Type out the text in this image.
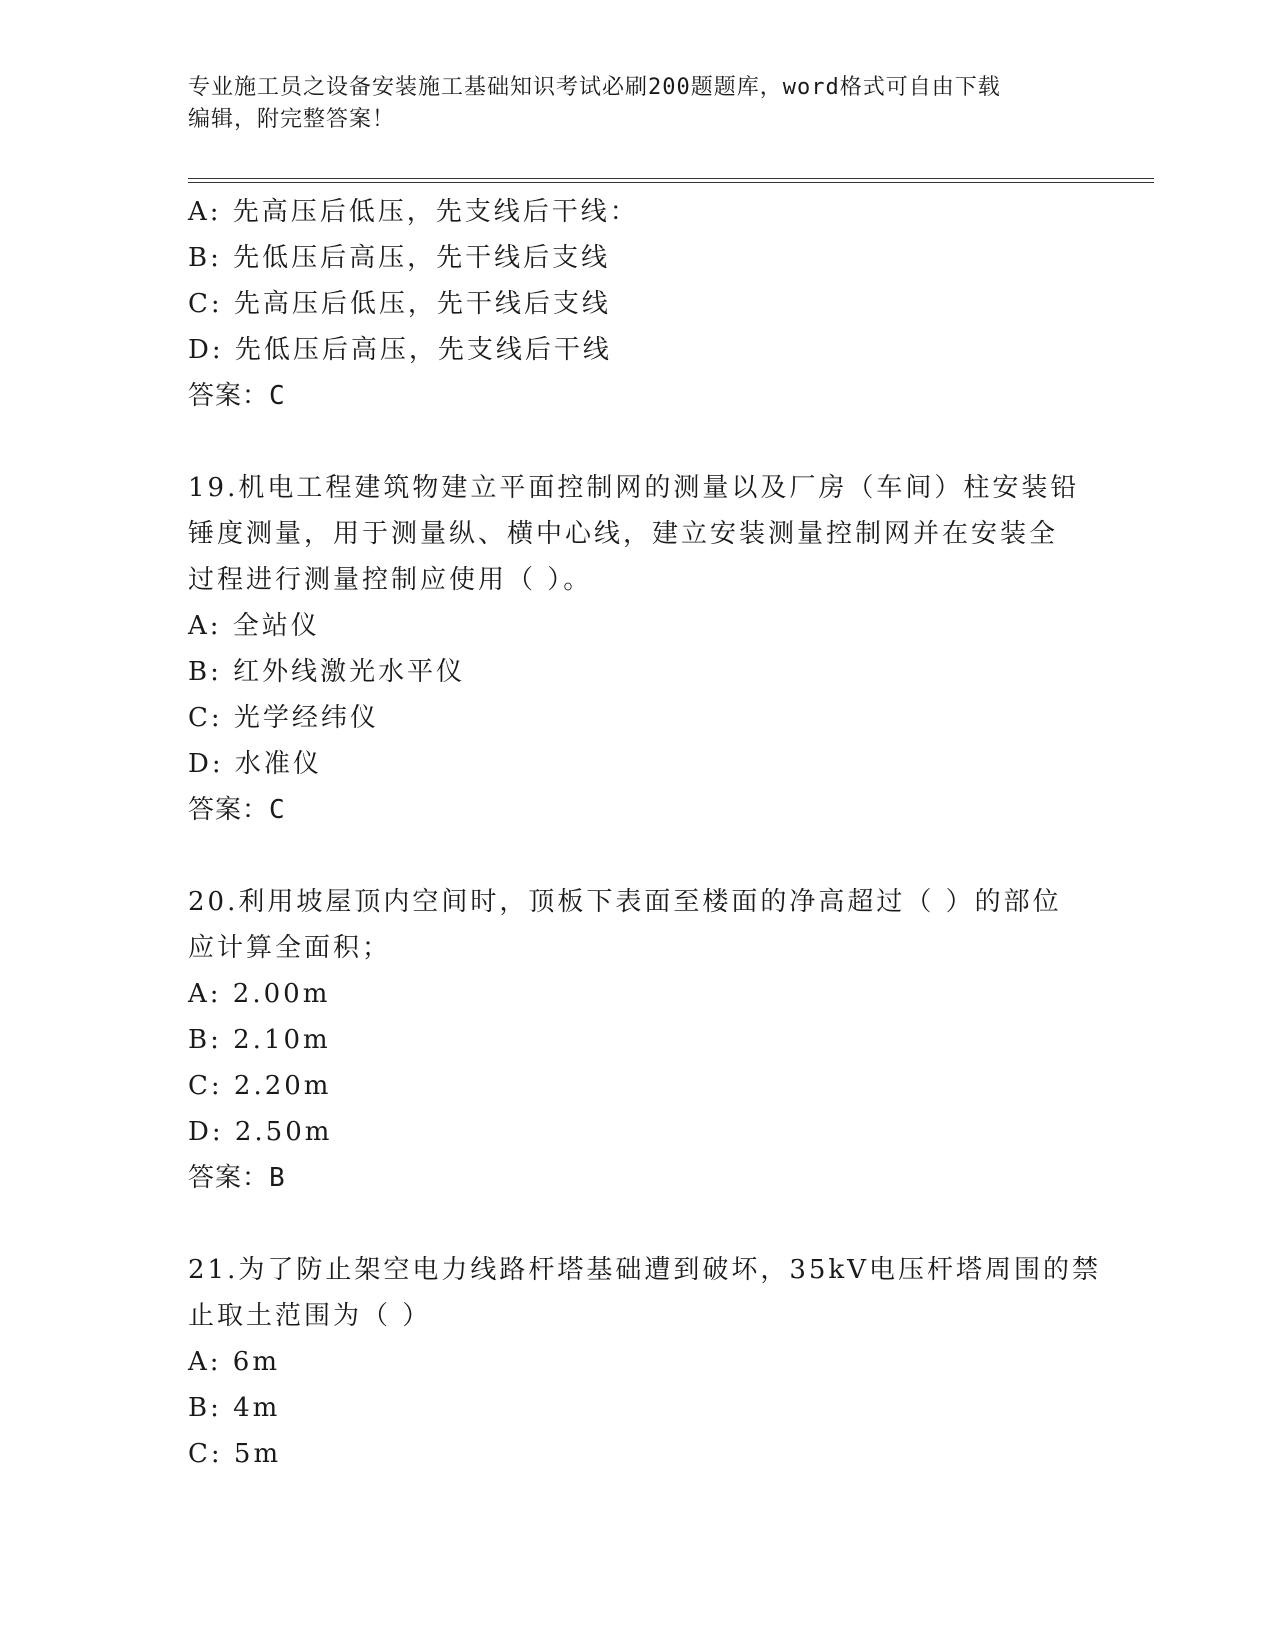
专业施工员之设备安装施工基础知识考试必刷200题题库，word格式可自由下载
编辑，附完整答案！
A: 先高压后低压，先支线后干线：
B: 先低压后高压，先干线后支线
C: 先高压后低压，先干线后支线
D: 先低压后高压，先支线后干线
答案：C
19.机电工程建筑物建立平面控制网的测量以及厂房（车间）柱安装铅
锤度测量，用于测量纵、横中心线，建立安装测量控制网并在安装全
过程进行测量控制应使用（ ）。
A: 全站仪
B: 红外线激光水平仪
C: 光学经纬仪
D: 水准仪
答案：C
20.利用坡屋顶内空间时，顶板下表面至楼面的净高超过（ ）的部位
应计算全面积；
A: 2.00m
B: 2.10m
C: 2.20m
D: 2.50m
答案：B
21.为了防止架空电力线路杆塔基础遭到破坏，35kV电压杆塔周围的禁
止取土范围为（ ）
A: 6m
B: 4m
C: 5m
